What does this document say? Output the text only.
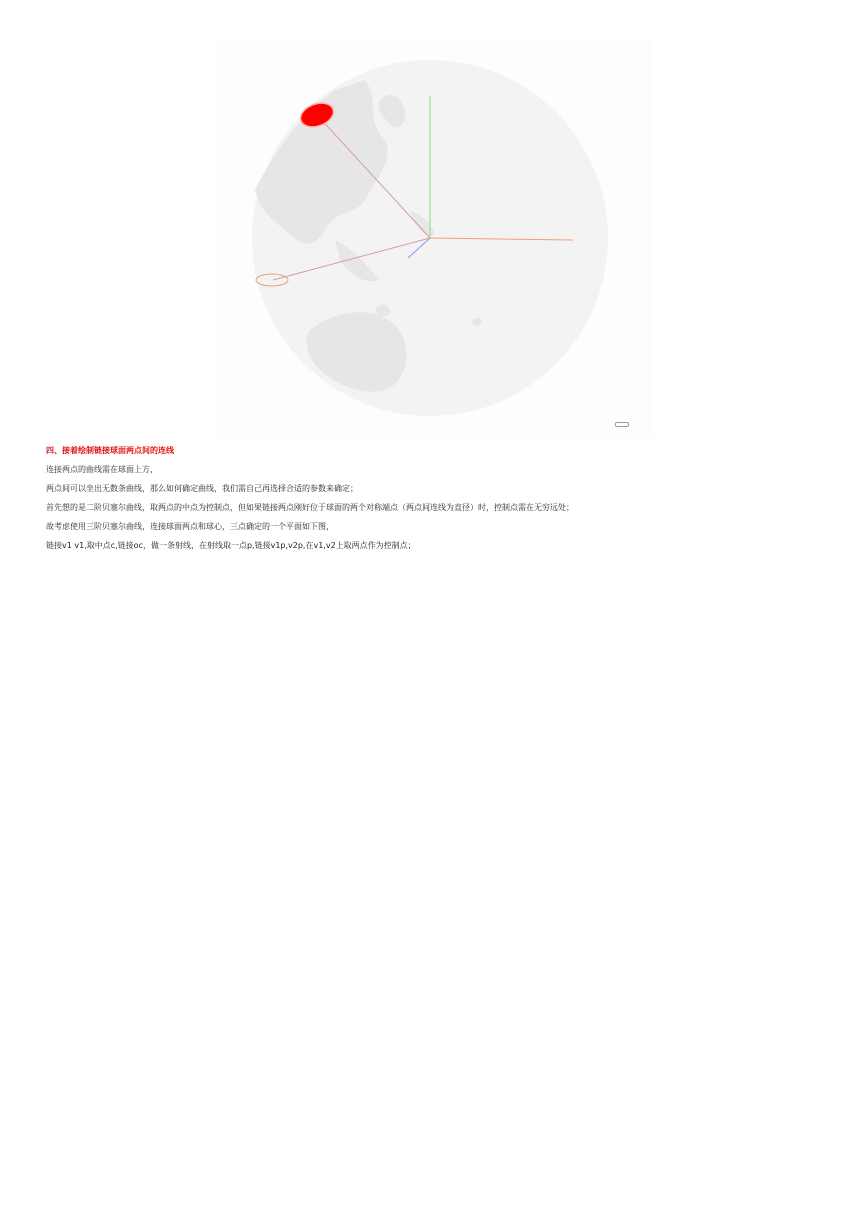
四、接着绘制链接球面两点间的连线

连接两点的曲线需在球面上方，

两点间可以坐出无数条曲线，那么如何确定曲线，我们需自己再选择合适的参数来确定；

首先想的是二阶贝塞尔曲线，取两点的中点为控制点，但如果链接两点刚好位于球面的两个对称端点（两点间连线为直径）时，控制点需在无穷远处；

故考虑使用三阶贝塞尔曲线，连接球面两点和球心，三点确定的一个平面如下图，

链接v1 v1,取中点c,链接oc，做一条射线，在射线取一点p,链接v1p,v2p,在v1,v2上取两点作为控制点；
